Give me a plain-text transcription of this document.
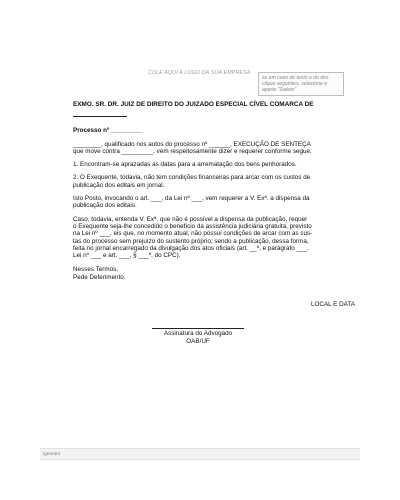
COLE AQUI A LOGO DA SUA EMPRESA
se em caso do texto e do dos
clique seguintes, selecione e
aperte "Delete"
EXMO. SR. DR. JUIZ DE DIREITO DO JUIZADO ESPECIAL CÍVEL COMARCA DE
Processo nº _________
________, qualificado nos autos do processo nº ______, EXECUÇÃO DE SENTEÇA
que move contra _________, vem respeitosamente dizer e requerer conforme segue:
1. Encontram-se aprazadas as datas para a arrematação dos bens penhorados.
2. O Exequente, todavia, não tem condições financeiras para arcar com os custos de
publicação dos editais em jornal.
Isto Posto, invocando o art. ___, da Lei nº ___, vem requerer a V. Exª. a dispensa da
publicação dos editais.
Caso, todavia, entenda V. Exª. que não é possível a dispensa da publicação, requer
o Exequente seja-lhe concedido o benefício da assistência judiciária gratuita, previsto
na Lei nº ___, eis que, no momento atual, não possui condições de arcar com as cus-
tas do processo sem prejuízo do sustento próprio; sendo a publicação, dessa forma,
feita no jornal encarregado da divulgação dos atos oficiais (art. __º, e parágrafo ___,
Lei nº ___ e art. ___, § ___º, do CPC).
Nesses Termos,
Pede Deferimento.
LOCAL E DATA
Assinatura do Advogado
OAB/UF
Ignorant
